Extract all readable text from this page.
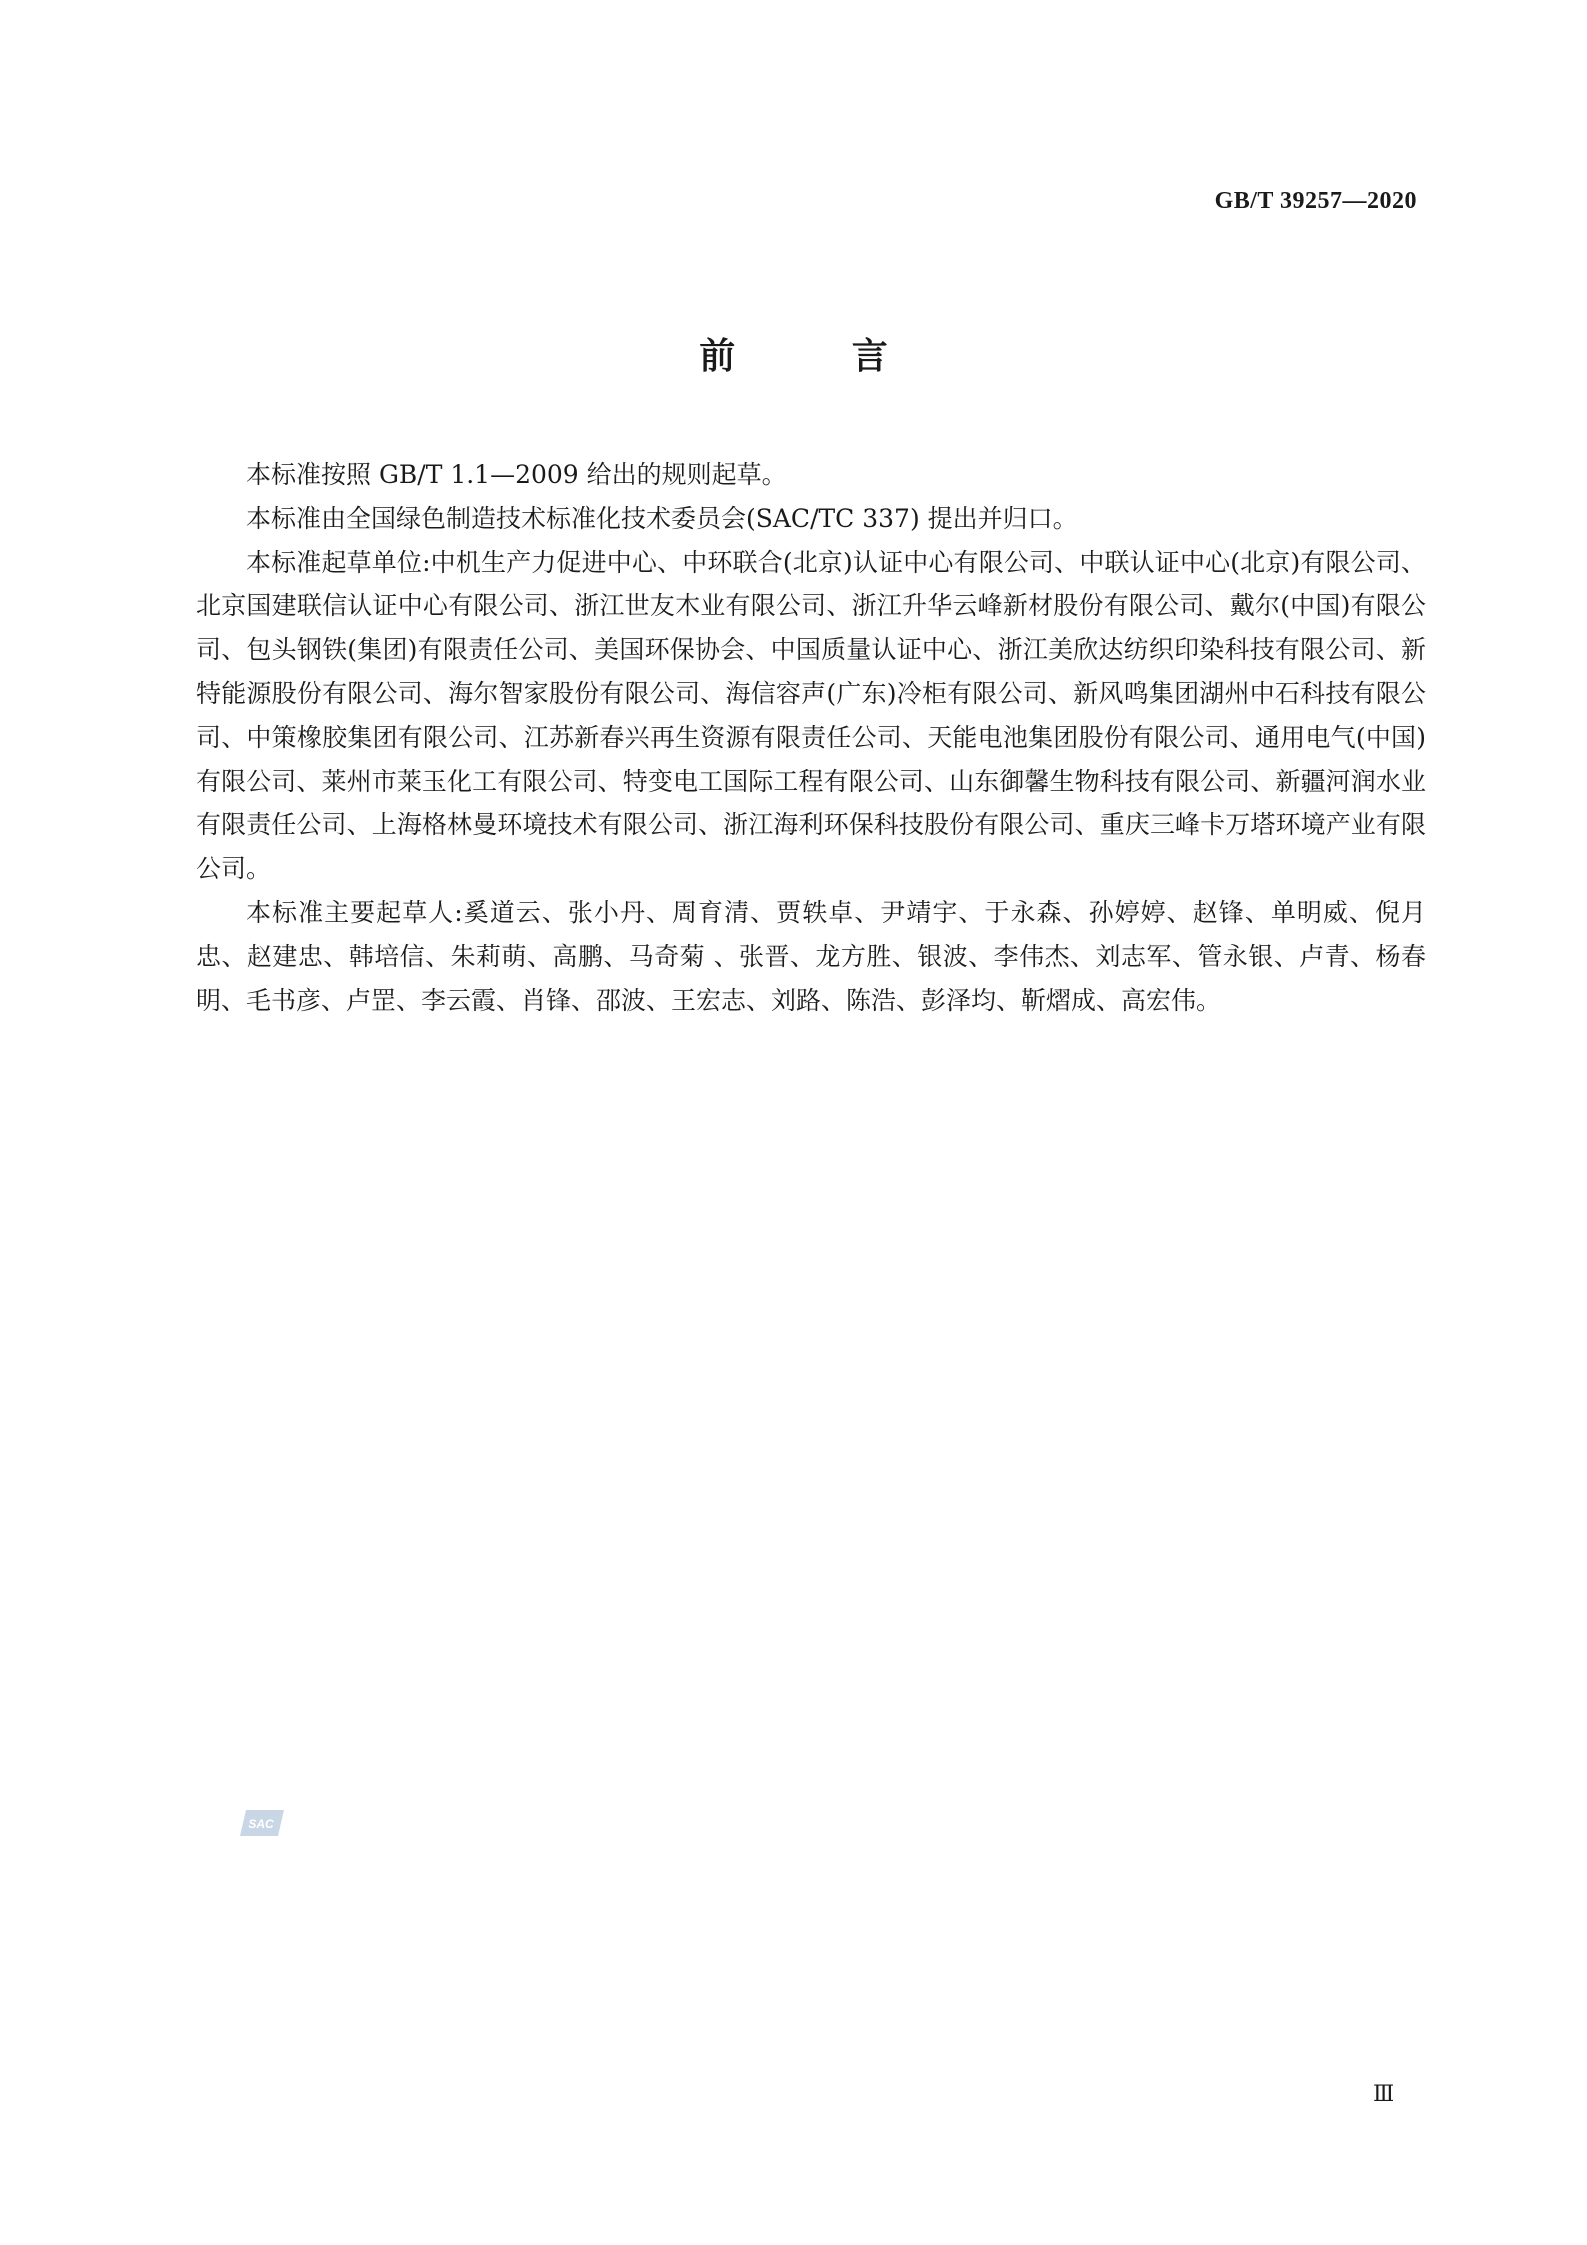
GB/T 39257—2020
前 言

本标准按照 GB/T 1.1—2009 给出的规则起草。

本标准由全国绿色制造技术标准化技术委员会(SAC/TC 337) 提出并归口。

本标准起草单位:中机生产力促进中心、中环联合(北京)认证中心有限公司、中联认证中心(北京)有限公司、北京国建联信认证中心有限公司、浙江世友木业有限公司、浙江升华云峰新材股份有限公司、戴尔(中国)有限公司、包头钢铁(集团)有限责任公司、美国环保协会、中国质量认证中心、浙江美欣达纺织印染科技有限公司、新特能源股份有限公司、海尔智家股份有限公司、海信容声(广东)冷柜有限公司、新风鸣集团湖州中石科技有限公司、中策橡胶集团有限公司、江苏新春兴再生资源有限责任公司、天能电池集团股份有限公司、通用电气(中国)有限公司、莱州市莱玉化工有限公司、特变电工国际工程有限公司、山东御馨生物科技有限公司、新疆河润水业有限责任公司、上海格林曼环境技术有限公司、浙江海利环保科技股份有限公司、重庆三峰卡万塔环境产业有限公司。

本标准主要起草人:奚道云、张小丹、周育清、贾轶卓、尹靖宇、于永森、孙婷婷、赵锋、单明威、倪月忠、赵建忠、韩培信、朱莉萌、高鹏、马奇菊 、张晋、龙方胜、银波、李伟杰、刘志军、管永银、卢青、杨春明、毛书彦、卢罡、李云霞、肖锋、邵波、王宏志、刘路、陈浩、彭泽均、靳熠成、高宏伟。

SAC
Ⅲ
